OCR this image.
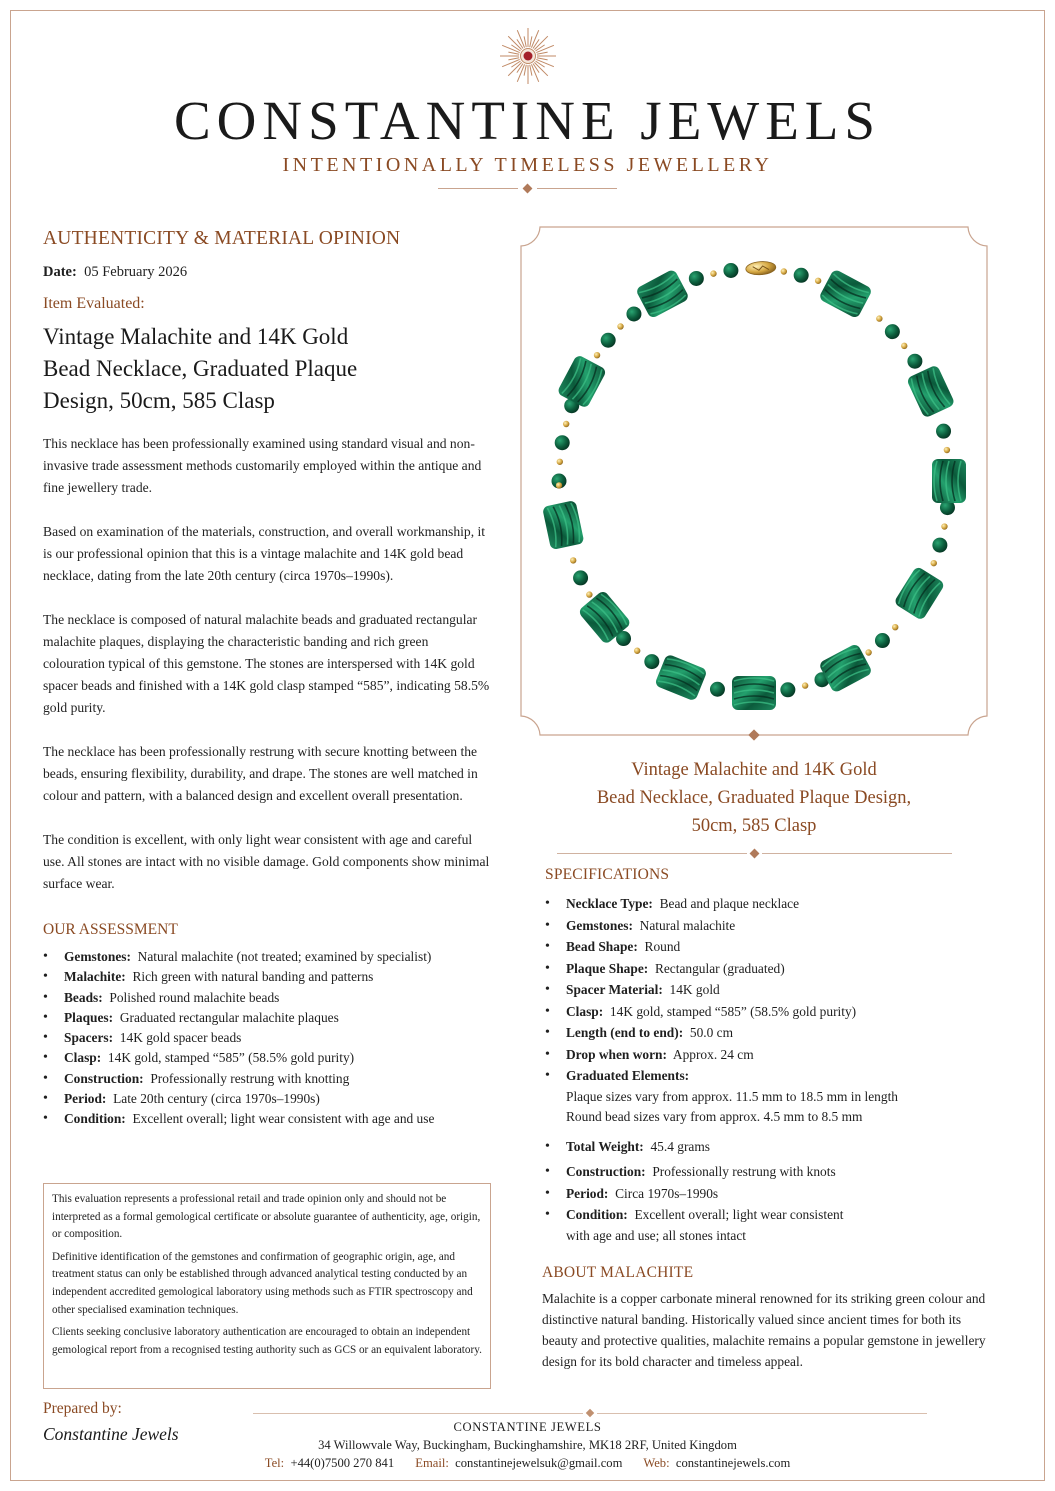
CONSTANTINE JEWELS
INTENTIONALLY TIMELESS JEWELLERY
AUTHENTICITY & MATERIAL OPINION
Date: 05 February 2026
Item Evaluated:
Vintage Malachite and 14K Gold
Bead Necklace, Graduated Plaque
Design, 50cm, 585 Clasp

This necklace has been professionally examined using standard visual and non-invasive trade assessment methods customarily employed within the antique and fine jewellery trade.

Based on examination of the materials, construction, and overall workmanship, it is our professional opinion that this is a vintage malachite and 14K gold bead necklace, dating from the late 20th century (circa 1970s–1990s).

The necklace is composed of natural malachite beads and graduated rectangular malachite plaques, displaying the characteristic banding and rich green colouration typical of this gemstone. The stones are interspersed with 14K gold spacer beads and finished with a 14K gold clasp stamped “585”, indicating 58.5% gold purity.

The necklace has been professionally restrung with secure knotting between the beads, ensuring flexibility, durability, and drape. The stones are well matched in colour and pattern, with a balanced design and excellent overall presentation.

The condition is excellent, with only light wear consistent with age and careful use. All stones are intact with no visible damage. Gold components show minimal surface wear.

OUR ASSESSMENT
• Gemstones: Natural malachite (not treated; examined by specialist)
• Malachite: Rich green with natural banding and patterns
• Beads: Polished round malachite beads
• Plaques: Graduated rectangular malachite plaques
• Spacers: 14K gold spacer beads
• Clasp: 14K gold, stamped “585” (58.5% gold purity)
• Construction: Professionally restrung with knotting
• Period: Late 20th century (circa 1970s–1990s)
• Condition: Excellent overall; light wear consistent with age and use

This evaluation represents a professional retail and trade opinion only and should not be interpreted as a formal gemological certificate or absolute guarantee of authenticity, age, origin, or composition.

Definitive identification of the gemstones and confirmation of geographic origin, age, and treatment status can only be established through advanced analytical testing conducted by an independent accredited gemological laboratory using methods such as FTIR spectroscopy and other specialised examination techniques.

Clients seeking conclusive laboratory authentication are encouraged to obtain an independent gemological report from a recognised testing authority such as GCS or an equivalent laboratory.

Prepared by:
Constantine Jewels
Vintage Malachite and 14K Gold
Bead Necklace, Graduated Plaque Design,
50cm, 585 Clasp
SPECIFICATIONS
• Necklace Type: Bead and plaque necklace
• Gemstones: Natural malachite
• Bead Shape: Round
• Plaque Shape: Rectangular (graduated)
• Spacer Material: 14K gold
• Clasp: 14K gold, stamped “585” (58.5% gold purity)
• Length (end to end): 50.0 cm
• Drop when worn: Approx. 24 cm
• Graduated Elements:
Plaque sizes vary from approx. 11.5 mm to 18.5 mm in length
Round bead sizes vary from approx. 4.5 mm to 8.5 mm
• Total Weight: 45.4 grams
• Construction: Professionally restrung with knots
• Period: Circa 1970s–1990s
• Condition: Excellent overall; light wear consistent
with age and use; all stones intact
ABOUT MALACHITE

Malachite is a copper carbonate mineral renowned for its striking green colour and distinctive natural banding. Historically valued since ancient times for both its beauty and protective qualities, malachite remains a popular gemstone in jewellery design for its bold character and timeless appeal.

CONSTANTINE JEWELS
34 Willowvale Way, Buckingham, Buckinghamshire, MK18 2RF, United Kingdom
Tel: +44(0)7500 270 841 Email: constantinejewelsuk@gmail.com Web: constantinejewels.com
